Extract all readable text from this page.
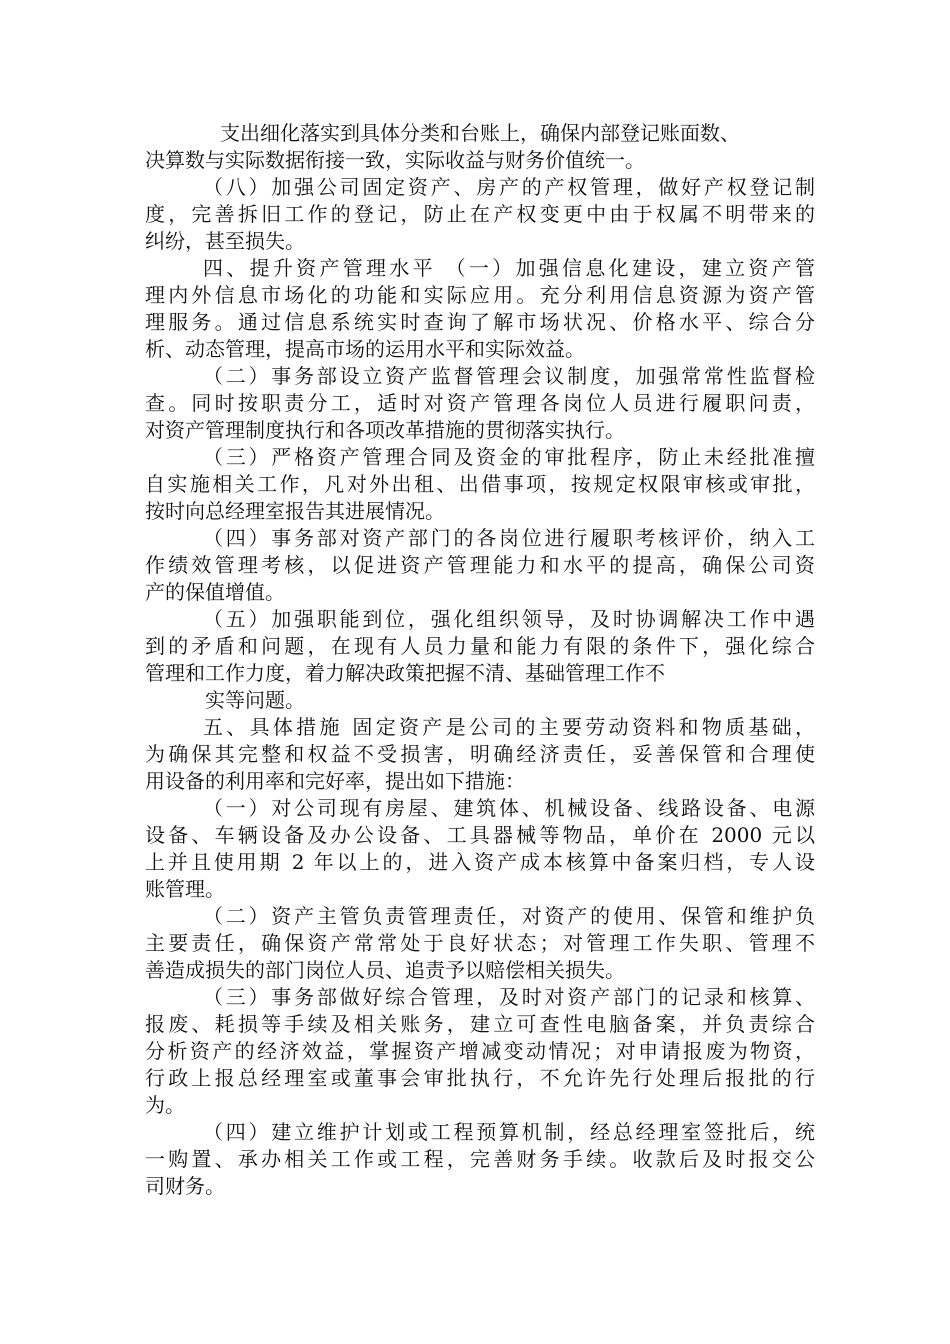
支出细化落实到具体分类和台账上，确保内部登记账面数、
决算数与实际数据衔接一致，实际收益与财务价值统一。
（八）加强公司固定资产、房产的产权管理，做好产权登记制
度，完善拆旧工作的登记，防止在产权变更中由于权属不明带来的
纠纷，甚至损失。
四、提升资产管理水平 （一）加强信息化建设，建立资产管
理内外信息市场化的功能和实际应用。充分利用信息资源为资产管
理服务。通过信息系统实时查询了解市场状况、价格水平、综合分
析、动态管理，提高市场的运用水平和实际效益。
（二）事务部设立资产监督管理会议制度，加强常常性监督检
查。同时按职责分工，适时对资产管理各岗位人员进行履职问责，
对资产管理制度执行和各项改革措施的贯彻落实执行。
（三）严格资产管理合同及资金的审批程序，防止未经批准擅
自实施相关工作，凡对外出租、出借事项，按规定权限审核或审批，
按时向总经理室报告其进展情况。
（四）事务部对资产部门的各岗位进行履职考核评价，纳入工
作绩效管理考核，以促进资产管理能力和水平的提高，确保公司资
产的保值增值。
（五）加强职能到位，强化组织领导，及时协调解决工作中遇
到的矛盾和问题，在现有人员力量和能力有限的条件下，强化综合
管理和工作力度，着力解决政策把握不清、基础管理工作不
实等问题。
五、具体措施 固定资产是公司的主要劳动资料和物质基础，
为确保其完整和权益不受损害，明确经济责任，妥善保管和合理使
用设备的利用率和完好率，提出如下措施：
（一）对公司现有房屋、建筑体、机械设备、线路设备、电源
设备、车辆设备及办公设备、工具器械等物品，单价在 2000 元以
上并且使用期 2 年以上的，进入资产成本核算中备案归档，专人设
账管理。
（二）资产主管负责管理责任，对资产的使用、保管和维护负
主要责任，确保资产常常处于良好状态；对管理工作失职、管理不
善造成损失的部门岗位人员、追责予以赔偿相关损失。
（三）事务部做好综合管理，及时对资产部门的记录和核算、
报废、耗损等手续及相关账务，建立可查性电脑备案，并负责综合
分析资产的经济效益，掌握资产增减变动情况；对申请报废为物资，
行政上报总经理室或董事会审批执行，不允许先行处理后报批的行
为。
（四）建立维护计划或工程预算机制，经总经理室签批后，统
一购置、承办相关工作或工程，完善财务手续。收款后及时报交公
司财务。
